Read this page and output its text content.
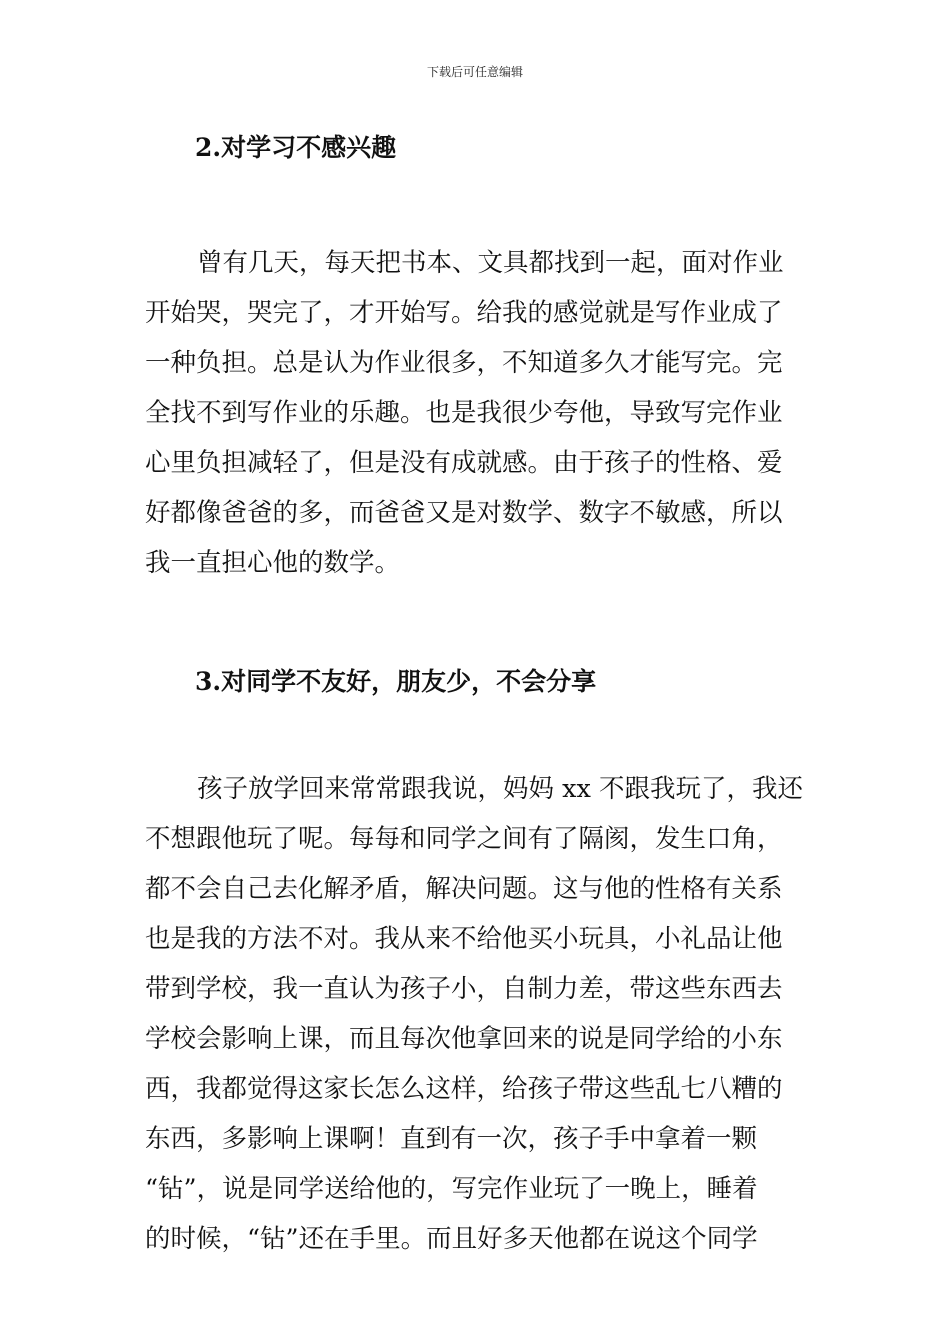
下载后可任意编辑
2.对学习不感兴趣

曾有几天，每天把书本、文具都找到一起，面对作业
开始哭，哭完了，才开始写。给我的感觉就是写作业成了
一种负担。总是认为作业很多，不知道多久才能写完。完
全找不到写作业的乐趣。也是我很少夸他，导致写完作业
心里负担减轻了，但是没有成就感。由于孩子的性格、爱
好都像爸爸的多，而爸爸又是对数学、数字不敏感，所以
我一直担心他的数学。

3.对同学不友好，朋友少，不会分享

孩子放学回来常常跟我说，妈妈 xx 不跟我玩了，我还
不想跟他玩了呢。每每和同学之间有了隔阂，发生口角，
都不会自己去化解矛盾，解决问题。这与他的性格有关系
也是我的方法不对。我从来不给他买小玩具，小礼品让他
带到学校，我一直认为孩子小，自制力差，带这些东西去
学校会影响上课，而且每次他拿回来的说是同学给的小东
西，我都觉得这家长怎么这样，给孩子带这些乱七八糟的
东西，多影响上课啊！直到有一次，孩子手中拿着一颗
“钻”，说是同学送给他的，写完作业玩了一晚上，睡着
的时候，“钻”还在手里。而且好多天他都在说这个同学
